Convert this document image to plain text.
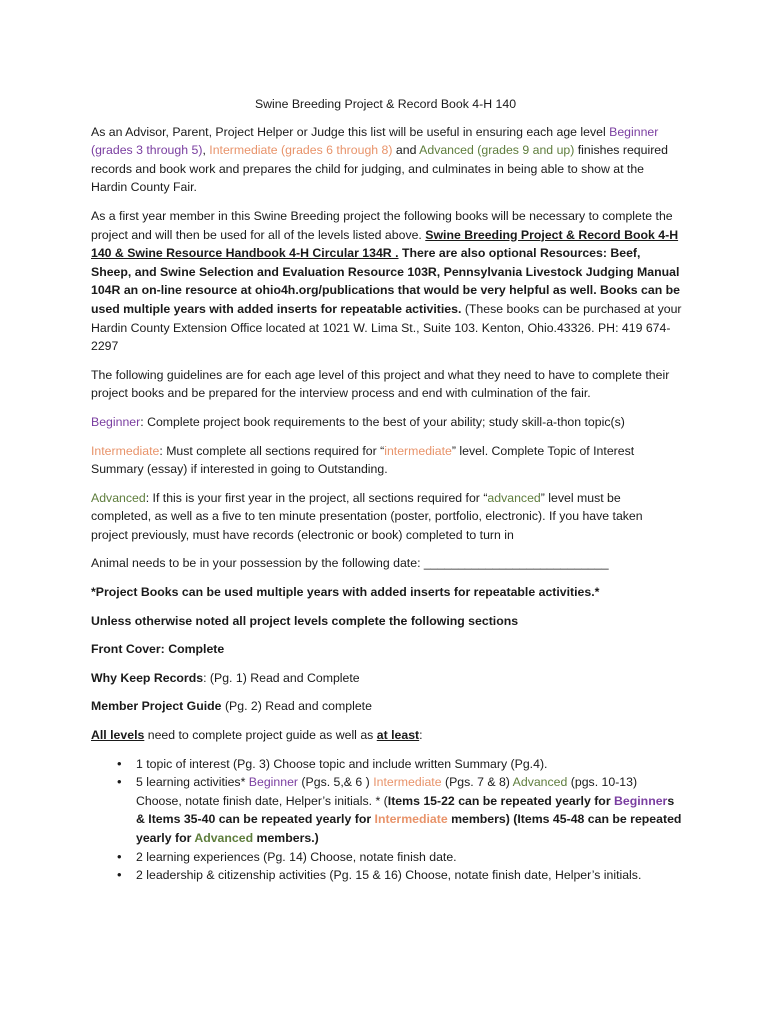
Swine Breeding Project & Record Book 4-H 140

As an Advisor, Parent, Project Helper or Judge this list will be useful in ensuring each age level Beginner (grades 3 through 5), Intermediate (grades 6 through 8) and Advanced (grades 9 and up) finishes required records and book work and prepares the child for judging, and culminates in being able to show at the Hardin County Fair.

As a first year member in this Swine Breeding project the following books will be necessary to complete the project and will then be used for all of the levels listed above. Swine Breeding Project & Record Book 4-H 140 & Swine Resource Handbook 4-H Circular 134R . There are also optional Resources: Beef, Sheep, and Swine Selection and Evaluation Resource 103R, Pennsylvania Livestock Judging Manual 104R an on-line resource at ohio4h.org/publications that would be very helpful as well. Books can be used multiple years with added inserts for repeatable activities. (These books can be purchased at your Hardin County Extension Office located at 1021 W. Lima St., Suite 103. Kenton, Ohio.43326. PH: 419 674-2297

The following guidelines are for each age level of this project and what they need to have to complete their project books and be prepared for the interview process and end with culmination of the fair.

Beginner: Complete project book requirements to the best of your ability; study skill-a-thon topic(s)

Intermediate: Must complete all sections required for “intermediate” level. Complete Topic of Interest Summary (essay) if interested in going to Outstanding.

Advanced: If this is your first year in the project, all sections required for “advanced” level must be completed, as well as a five to ten minute presentation (poster, portfolio, electronic). If you have taken project previously, must have records (electronic or book) completed to turn in

Animal needs to be in your possession by the following date: ___________________________

*Project Books can be used multiple years with added inserts for repeatable activities.*

Unless otherwise noted all project levels complete the following sections

Front Cover: Complete

Why Keep Records: (Pg. 1) Read and Complete

Member Project Guide (Pg. 2) Read and complete

All levels need to complete project guide as well as at least:

• 1 topic of interest (Pg. 3) Choose topic and include written Summary (Pg.4).
• 5 learning activities* Beginner (Pgs. 5,& 6 ) Intermediate (Pgs. 7 & 8) Advanced (pgs. 10-13) Choose, notate finish date, Helper’s initials. * (Items 15-22 can be repeated yearly for Beginners & Items 35-40 can be repeated yearly for Intermediate members) (Items 45-48 can be repeated yearly for Advanced members.)
• 2 learning experiences (Pg. 14) Choose, notate finish date.
• 2 leadership & citizenship activities (Pg. 15 & 16) Choose, notate finish date, Helper’s initials.
